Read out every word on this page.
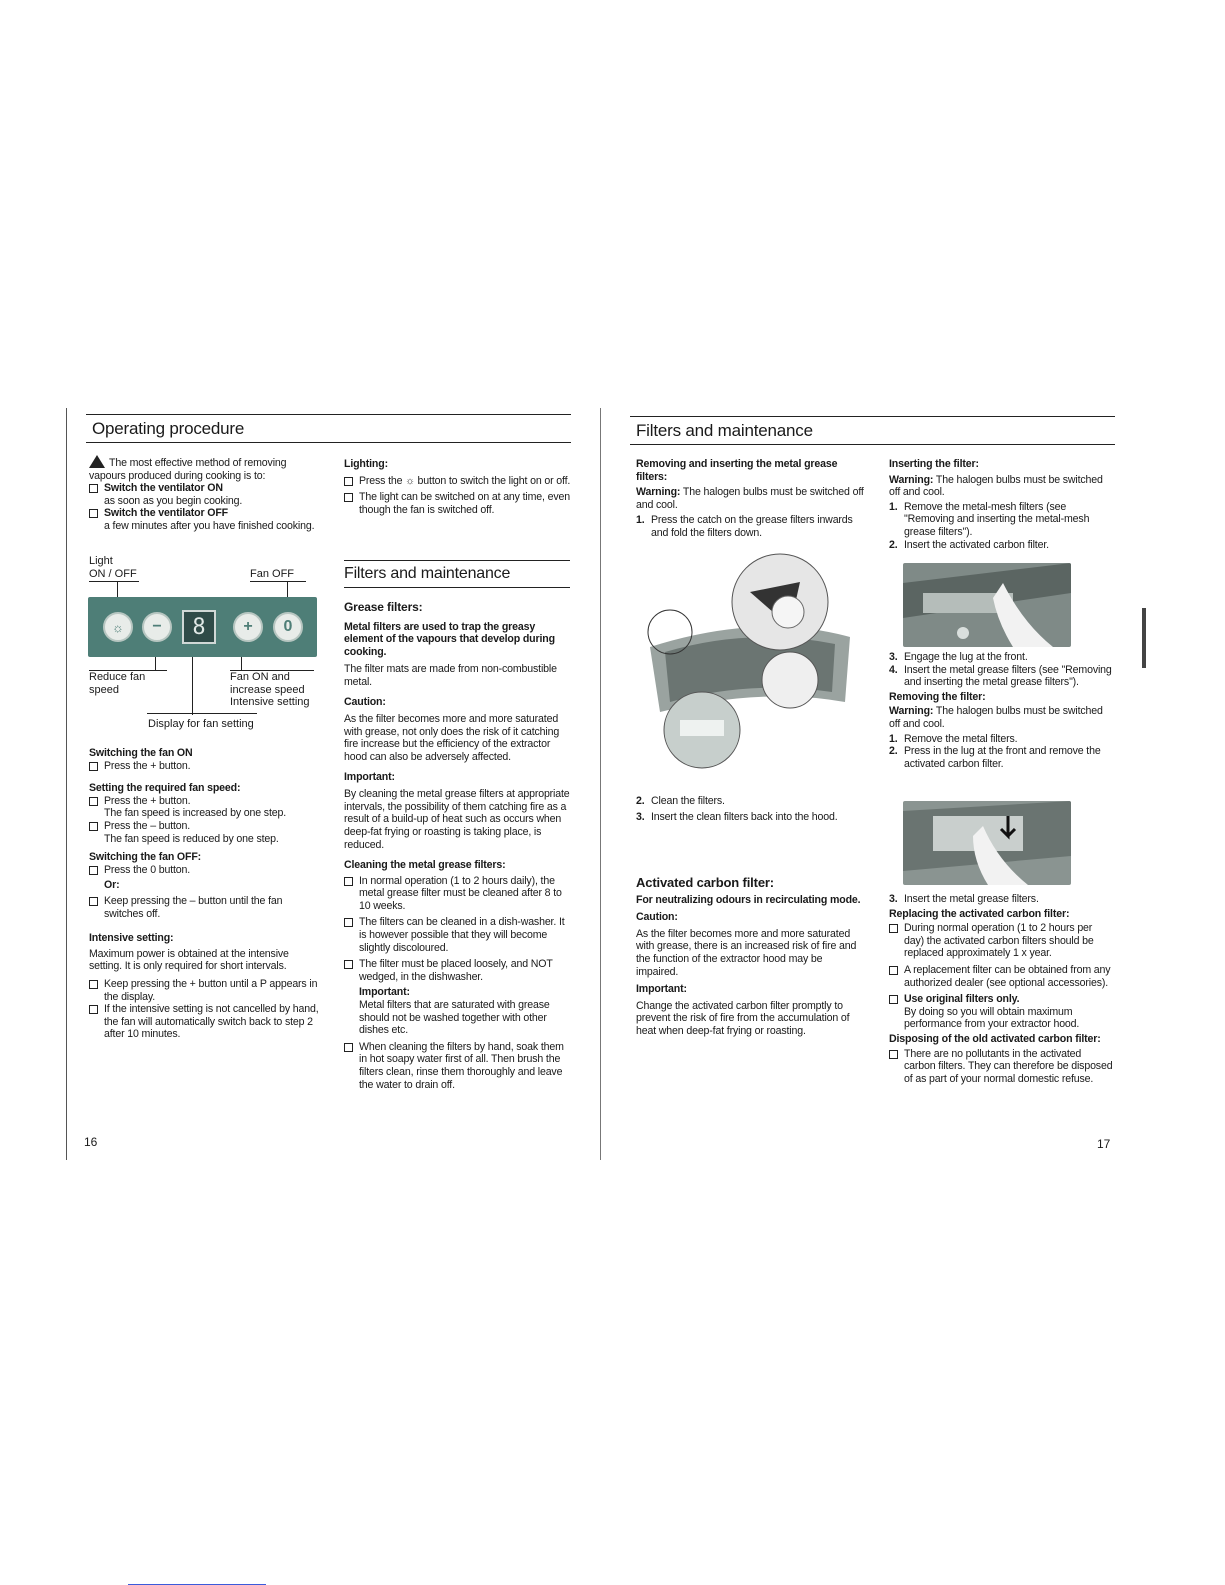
Operating procedure

The most effective method of removing vapours produced during cooking is to:

Switch the ventilator ON
as soon as you begin cooking.
Switch the ventilator OFF
a few minutes after you have finished cooking.
Light
ON / OFF	Fan OFF
☼	−	8	+	0
Reduce fan speed
Fan ON and increase speed Intensive setting
Display for fan setting

Switching the fan ON

Press the + button.

Setting the required fan speed:

Press the + button.
The fan speed is increased by one step.
Press the – button.
The fan speed is reduced by one step.

Switching the fan OFF:

Press the 0 button.

Or:

Keep pressing the – button until the fan switches off.

Intensive setting:

Maximum power is obtained at the intensive setting. It is only required for short intervals.

Keep pressing the + button until a P appears in the display.
If the intensive setting is not cancelled by hand, the fan will automatically switch back to step 2 after 10 minutes.
16

Lighting:

Press the ☼ button to switch the light on or off.
The light can be switched on at any time, even though the fan is switched off.
Filters and maintenance

Grease filters:

Metal filters are used to trap the greasy element of the vapours that develop during cooking.

The filter mats are made from non-combustible metal.

Caution:

As the filter becomes more and more saturated with grease, not only does the risk of it catching fire increase but the efficiency of the extractor hood can also be adversely affected.

Important:

By cleaning the metal grease filters at appropriate intervals, the possibility of them catching fire as a result of a build-up of heat such as occurs when deep-fat frying or roasting is taking place, is reduced.

Cleaning the metal grease filters:

In normal operation (1 to 2 hours daily), the metal grease filter must be cleaned after 8 to 10 weeks.
The filters can be cleaned in a dish-washer. It is however possible that they will become slightly discoloured.
The filter must be placed loosely, and NOT wedged, in the dishwasher.

Important:

Metal filters that are saturated with grease should not be washed together with other dishes etc.

When cleaning the filters by hand, soak them in hot soapy water first of all. Then brush the filters clean, rinse them thoroughly and leave the water to drain off.
Filters and maintenance

Removing and inserting the metal grease filters:

Warning: The halogen bulbs must be switched off and cool.

1. Press the catch on the grease filters inwards and fold the filters down.
2. Clean the filters.
3. Insert the clean filters back into the hood.

Activated carbon filter:

For neutralizing odours in recirculating mode.

Caution:

As the filter becomes more and more saturated with grease, there is an increased risk of fire and the function of the extractor hood may be impaired.

Important:

Change the activated carbon filter promptly to prevent the risk of fire from the accumulation of heat when deep-fat frying or roasting.

Inserting the filter:

Warning: The halogen bulbs must be switched off and cool.

1. Remove the metal-mesh filters (see "Removing and inserting the metal-mesh grease filters").
2. Insert the activated carbon filter.
3. Engage the lug at the front.
4. Insert the metal grease filters (see "Removing and inserting the metal grease filters").

Removing the filter:

Warning: The halogen bulbs must be switched off and cool.

1. Remove the metal filters.
2. Press in the lug at the front and remove the activated carbon filter.
3. Insert the metal grease filters.

Replacing the activated carbon filter:

During normal operation (1 to 2 hours per day) the activated carbon filters should be replaced approximately 1 x year.
A replacement filter can be obtained from any authorized dealer (see optional accessories).
Use original filters only.
By doing so you will obtain maximum performance from your extractor hood.

Disposing of the old activated carbon filter:

There are no pollutants in the activated carbon filters. They can therefore be disposed of as part of your normal domestic refuse.
17
